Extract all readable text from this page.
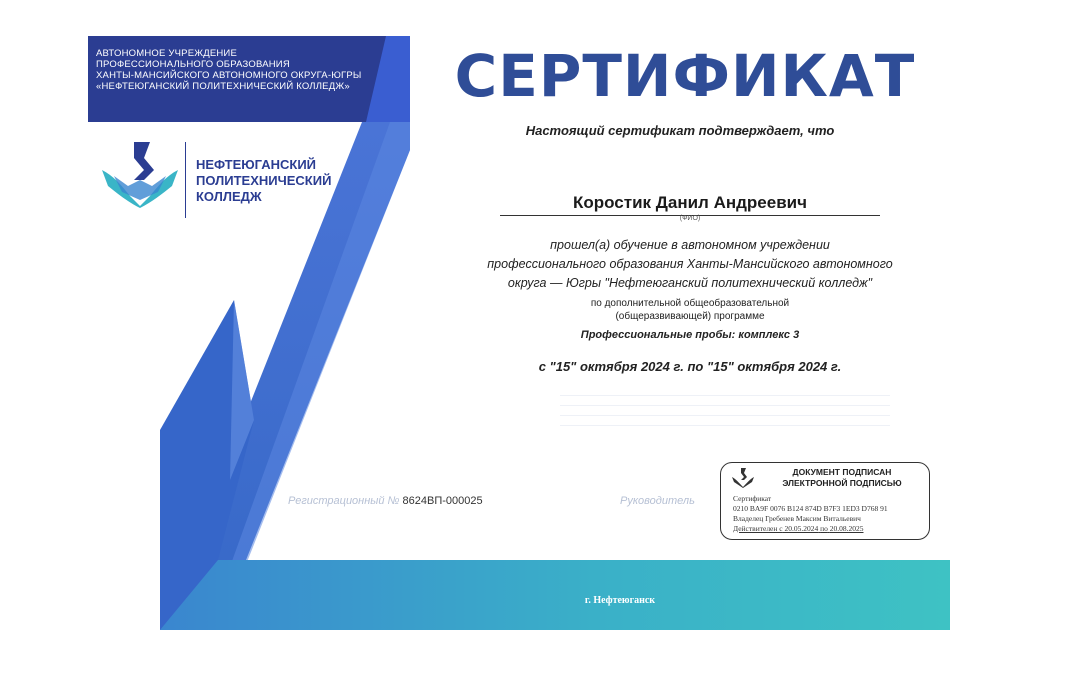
АВТОНОМНОЕ УЧРЕЖДЕНИЕ
ПРОФЕССИОНАЛЬНОГО ОБРАЗОВАНИЯ
ХАНТЫ-МАНСИЙСКОГО АВТОНОМНОГО ОКРУГА-ЮГРЫ
«НЕФТЕЮГАНСКИЙ ПОЛИТЕХНИЧЕСКИЙ КОЛЛЕДЖ»
НЕФТЕЮГАНСКИЙ
ПОЛИТЕХНИЧЕСКИЙ
КОЛЛЕДЖ
СЕРТИФИКАТ
Настоящий сертификат подтверждает, что
Коростик Данил Андреевич
(ФИО)
прошел(а) обучение в автономном учреждении
профессионального образования Ханты-Мансийского автономного
округа — Югры "Нефтеюганский политехнический колледж"
по дополнительной общеобразовательной
(общеразвивающей) программе
Профессиональные пробы: комплекс 3
с "15" октября 2024 г. по "15" октября 2024 г.
Регистрационный № 8624ВП-000025	Руководитель
ДОКУМЕНТ ПОДПИСАН
ЭЛЕКТРОННОЙ ПОДПИСЬЮ
Сертификат
0210 BA9F 0076 B124 874D B7F3 1ED3 D768 91
Владелец Гребенев Максим Витальевич
Действителен с 20.05.2024 по 20.08.2025
г. Нефтеюганск
